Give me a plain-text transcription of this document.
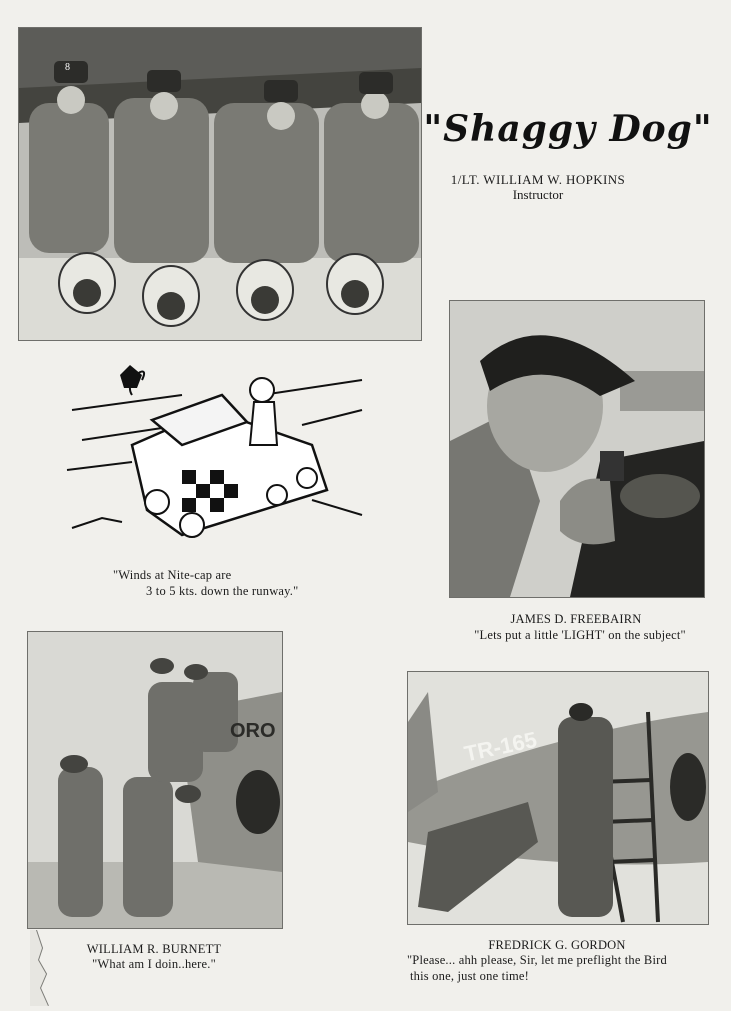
8
"Shaggy Dog"
1/LT. WILLIAM W. HOPKINS
Instructor
"Winds at Nite-cap are
3 to 5 kts. down the runway."
JAMES D. FREEBAIRN
"Lets put a little 'LIGHT' on the subject"
ORO
WILLIAM R. BURNETT
"What am I doin..here."
TR-165
FREDRICK G. GORDON
"Please... ahh please, Sir, let me preflight the Bird
this one, just one time!
